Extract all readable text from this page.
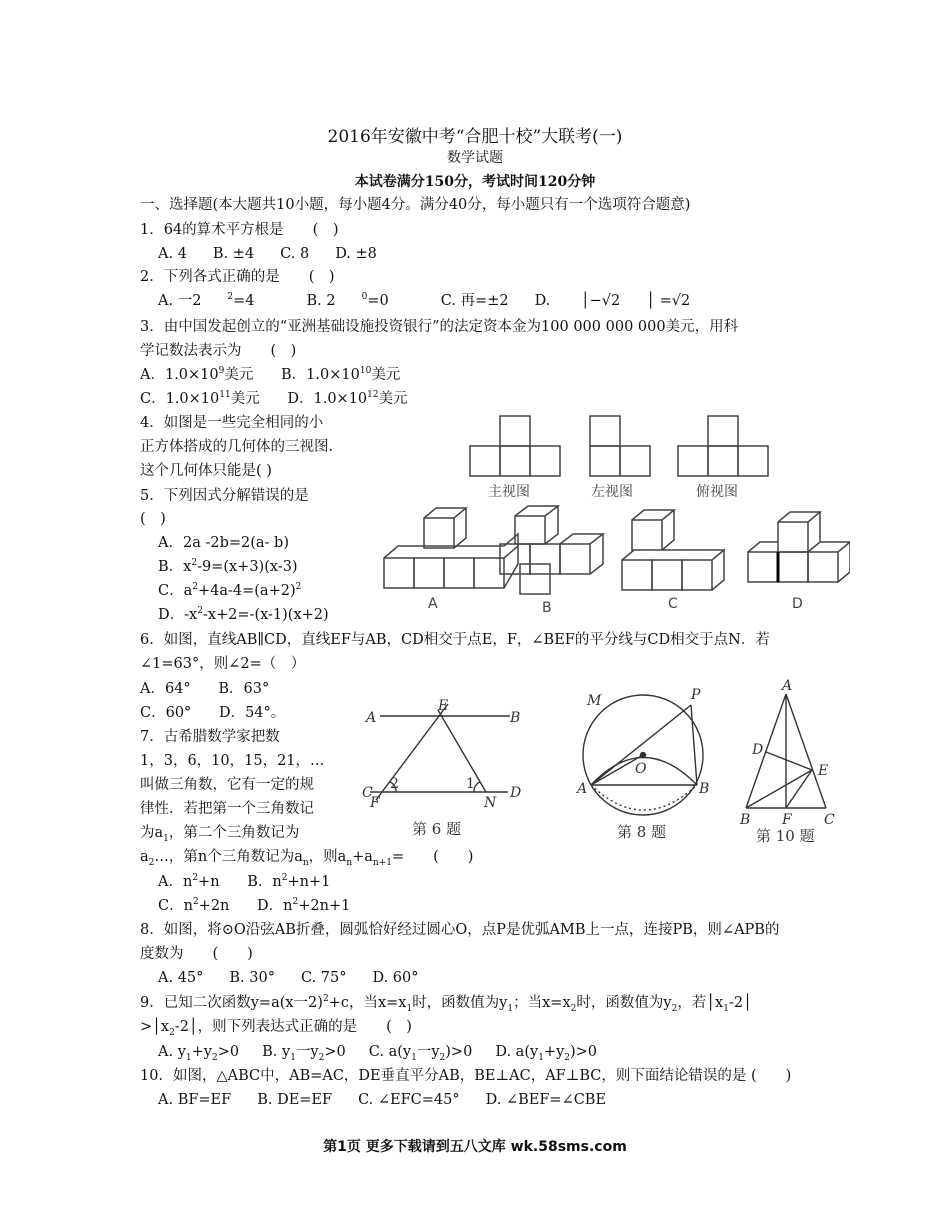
2016年安徽中考“合肥十校”大联考(一)
数学试题
本试卷满分150分，考试时间120分钟
一、选择题(本大题共10小题，每小题4分。满分40分，每小题只有一个选项符合题意)
1．64的算术平方根是　　(　)
A. 4 B. ±4 C. 8 D. ±8
2．下列各式正确的是　　(　)
A. 一2	$^2$=4	B. 2	$^0$=0	C. 再=±2 D. │−√2 │ =√2
3．由中国发起创立的“亚洲基础设施投资银行”的法定资本金为100 000 000 000美元，用科
学记数法表示为　　(　)
A．$1.0\times 10^9$美元 B．$1.0\times 10^{10}$美元
C．$1.0\times 10^{11}$美元 D．$1.0\times 10^{12}$美元
4．如图是一些完全相同的小
正方体搭成的几何体的三视图.
这个几何体只能是( )
5．下列因式分解错误的是
(　)
A．2a -2b=2(a- b)
B．$x^2-9=(x+3)(x-3)$
C．$a^2+4a-4=(a+2)^2$
D．$-x^2-x+2=-(x-1)(x+2)$
6．如图，直线AB∥CD，直线EF与AB，CD相交于点E，F，∠BEF的平分线与CD相交于点N．若
∠1=63°，则∠2=（　）
A．64° B．63°
C．60° D．54°。
7．古希腊数学家把数
1，3，6，10，15，21，…
叫做三角数，它有一定的规
律性．若把第一个三角数记
为$a_1$，第二个三角数记为
$a_2\dots$，第n个三角数记为$a_n$，则$a_n+a_{n+1}=$　　(　　)
A．$n^2+n$ B．$n^2+n+1$
C．$n^2+2n$ D．$n^2+2n+1$
8．如图，将⊙O沿弦AB折叠，圆弧恰好经过圆心O，点P是优弧AMB上一点，连接PB，则∠APB的
度数为　　(　　)
A. 45° B. 30° C. 75° D. 60°
9．已知二次函数y=a(x一2)$^2$+c，当$x=x_1$时，函数值为$y_1$；当$x=x_2$时，函数值为$y_2$，若$│x_1-2│$
$>│x_2-2│$，则下列表达式正确的是　　(　)
A. $y_1+y_2>0$ B. $y_1$一$y_2>0$ C. $a(y_1$一$y_2)>0$ D. $a(y_1+y_2)>0$
10．如图，△ABC中，AB=AC，DE垂直平分AB，BE⊥AC，AF⊥BC，则下面结论错误的是 (　　)
A. BF=EF B. DE=EF C. ∠EFC=45° D. ∠BEF=∠CBE
主视图	左视图	俯视图
A	B	C	D
A
E
B
C
F
2	1
N
D
第 6 题
M	P
O
A	B
第 8 题
A
D
E
B F C
第 10 题
第1页 更多下载请到五八文库 wk.58sms.com
